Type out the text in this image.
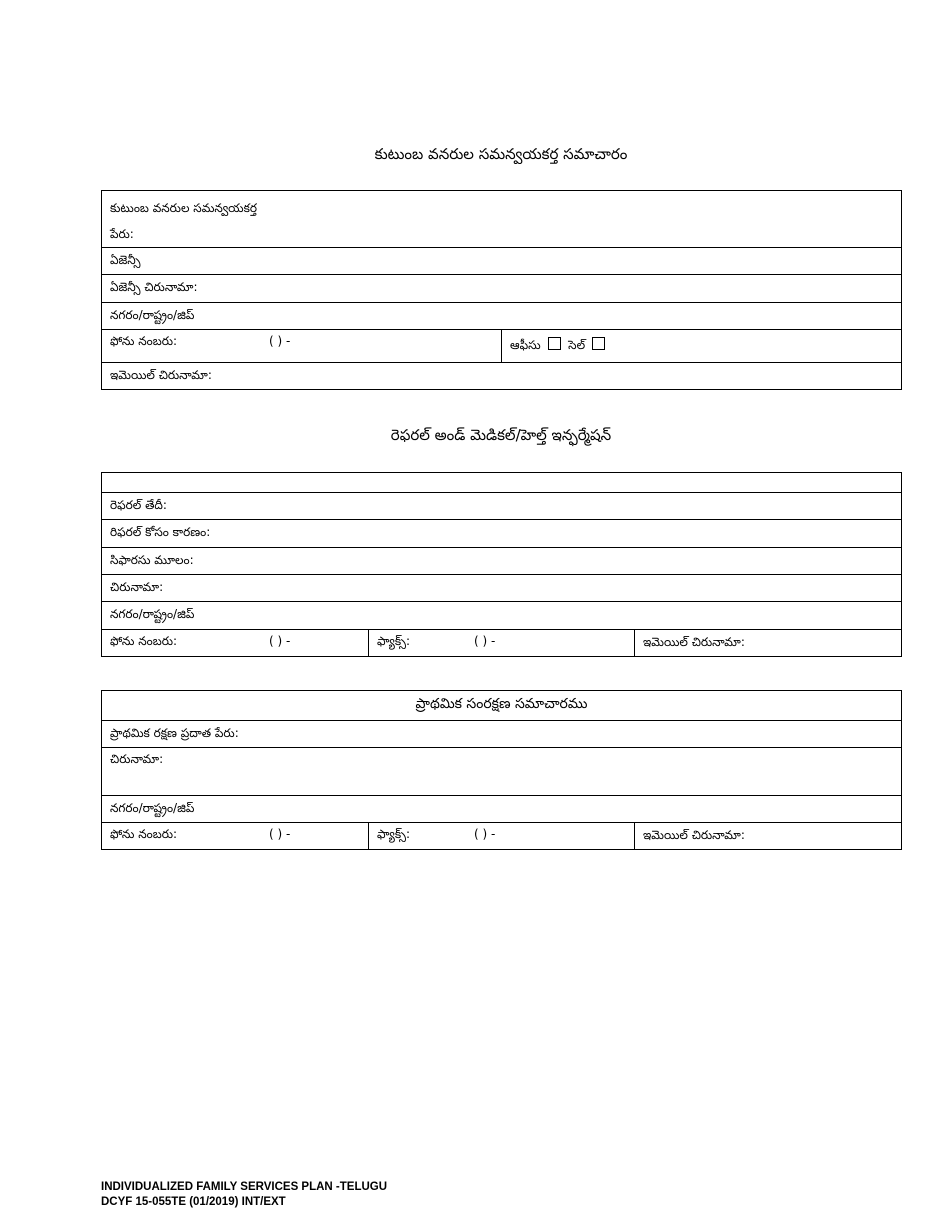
కుటుంబ వనరుల సమన్వయకర్త సమాచారం
కుటుంబ వనరుల సమన్వయకర్త
పేరు:

ఏజెన్సీ
ఏజెన్సీ చిరునామా:
నగరం/రాష్ట్రం/జిప్
ఫోను నంబరు:	( ) -	ఆఫీసు సెల్
ఇమెయిల్ చిరునామా:
రెఫరల్ అండ్ మెడికల్/హెల్త్ ఇన్ఫర్మేషన్

రెఫరల్ తేదీ:
రిఫరల్ కోసం కారణం:
సిఫారసు మూలం:
చిరునామా:
నగరం/రాష్ట్రం/జిప్
ఫోను నంబరు:	( ) -	ఫ్యాక్స్:	( ) -	ఇమెయిల్ చిరునామా:
ప్రాథమిక సంరక్షణ సమాచారము
ప్రాథమిక రక్షణ ప్రదాత పేరు:
చిరునామా:
నగరం/రాష్ట్రం/జిప్
ఫోను నంబరు:	( ) -	ఫ్యాక్స్:	( ) -	ఇమెయిల్ చిరునామా:
INDIVIDUALIZED FAMILY SERVICES PLAN -TELUGU
DCYF 15-055TE (01/2019) INT/EXT
